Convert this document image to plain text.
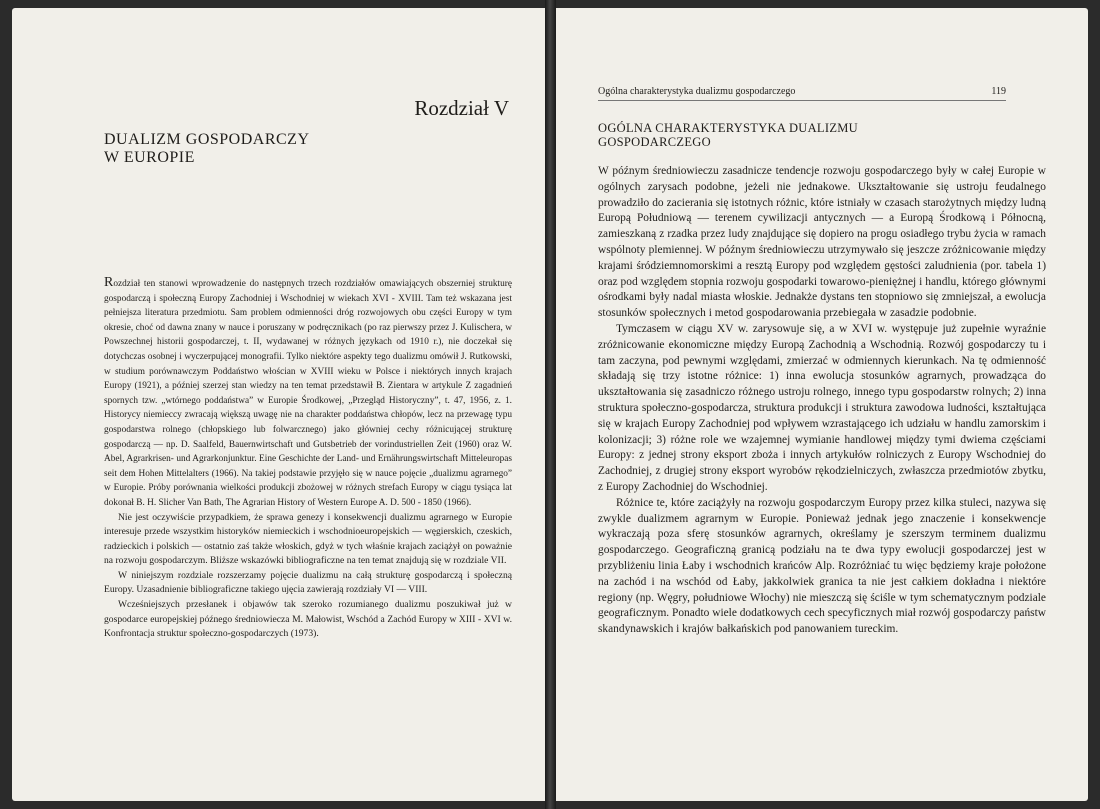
Rozdział V
DUALIZM GOSPODARCZY
W EUROPIE

Rozdział ten stanowi wprowadzenie do następnych trzech rozdziałów omawiających obszerniej strukturę gospodarczą i społeczną Europy Zachodniej i Wschodniej w wiekach XVI - XVIII. Tam też wskazana jest pełniejsza literatura przedmiotu. Sam problem odmienności dróg rozwojowych obu części Europy w tym okresie, choć od dawna znany w nauce i poruszany w podręcznikach (po raz pierwszy przez J. Kulischera, w Powszechnej historii gospodarczej, t. II, wydawanej w różnych językach od 1910 r.), nie doczekał się dotychczas osobnej i wyczerpującej monografii. Tylko niektóre aspekty tego dualizmu omówił J. Rutkowski, w studium porównawczym Poddaństwo włościan w XVIII wieku w Polsce i niektórych innych krajach Europy (1921), a później szerzej stan wiedzy na ten temat przedstawił B. Zientara w artykule Z zagadnień spornych tzw. „wtórnego poddaństwa” w Europie Środkowej, „Przegląd Historyczny”, t. 47, 1956, z. 1. Historycy niemieccy zwracają większą uwagę nie na charakter poddaństwa chłopów, lecz na przewagę typu gospodarstwa rolnego (chłopskiego lub folwarcznego) jako główniej cechy różnicującej strukturę gospodarczą — np. D. Saalfeld, Bauernwirtschaft und Gutsbetrieb der vorindustriellen Zeit (1960) oraz W. Abel, Agrarkrisen- und Agrarkonjunktur. Eine Geschichte der Land- und Ernährungswirtschaft Mitteleuropas seit dem Hohen Mittelalters (1966). Na takiej podstawie przyjęło się w nauce pojęcie „dualizmu agrarnego” w Europie. Próby porównania wielkości produkcji zbożowej w różnych strefach Europy w ciągu tysiąca lat dokonał B. H. Slicher Van Bath, The Agrarian History of Western Europe A. D. 500 - 1850 (1966).

Nie jest oczywiście przypadkiem, że sprawa genezy i konsekwencji dualizmu agrarnego w Europie interesuje przede wszystkim historyków niemieckich i wschodnioeuropejskich — węgierskich, czeskich, radzieckich i polskich — ostatnio zaś także włoskich, gdyż w tych właśnie krajach zaciążył on poważnie na rozwoju gospodarczym. Bliższe wskazówki bibliograficzne na ten temat znajdują się w rozdziale VII.

W niniejszym rozdziale rozszerzamy pojęcie dualizmu na całą strukturę gospodarczą i społeczną Europy. Uzasadnienie bibliograficzne takiego ujęcia zawierają rozdziały VI — VIII.

Wcześniejszych przesłanek i objawów tak szeroko rozumianego dualizmu poszukiwał już w gospodarce europejskiej późnego średniowiecza M. Małowist, Wschód a Zachód Europy w XIII - XVI w. Konfrontacja struktur społeczno-gospodarczych (1973).

Ogólna charakterystyka dualizmu gospodarczego	119
OGÓLNA CHARAKTERYSTYKA DUALIZMU
GOSPODARCZEGO

W późnym średniowieczu zasadnicze tendencje rozwoju gospodarczego były w całej Europie w ogólnych zarysach podobne, jeżeli nie jednakowe. Ukształtowanie się ustroju feudalnego prowadziło do zacierania się istotnych różnic, które istniały w czasach starożytnych między ludną Europą Południową — terenem cywilizacji antycznych — a Europą Środkową i Północną, zamieszkaną z rzadka przez ludy znajdujące się dopiero na progu osiadłego trybu życia w ramach wspólnoty plemiennej. W późnym średniowieczu utrzymywało się jeszcze zróżnicowanie między krajami śródziemnomorskimi a resztą Europy pod względem gęstości zaludnienia (por. tabela 1) oraz pod względem stopnia rozwoju gospodarki towarowo-pieniężnej i handlu, którego głównymi ośrodkami były nadal miasta włoskie. Jednakże dystans ten stopniowo się zmniejszał, a ewolucja stosunków społecznych i metod gospodarowania przebiegała w zasadzie podobnie.

Tymczasem w ciągu XV w. zarysowuje się, a w XVI w. występuje już zupełnie wyraźnie zróżnicowanie ekonomiczne między Europą Zachodnią a Wschodnią. Rozwój gospodarczy tu i tam zaczyna, pod pewnymi względami, zmierzać w odmiennych kierunkach. Na tę odmienność składają się trzy istotne różnice: 1) inna ewolucja stosunków agrarnych, prowadząca do ukształtowania się zasadniczo różnego ustroju rolnego, innego typu gospodarstw rolnych; 2) inna struktura społeczno-gospodarcza, struktura produkcji i struktura zawodowa ludności, kształtująca się w krajach Europy Zachodniej pod wpływem wzrastającego ich udziału w handlu zamorskim i kolonizacji; 3) różne role we wzajemnej wymianie handlowej między tymi dwiema częściami Europy: z jednej strony eksport zboża i innych artykułów rolniczych z Europy Wschodniej do Zachodniej, z drugiej strony eksport wyrobów rękodzielniczych, zwłaszcza przedmiotów zbytku, z Europy Zachodniej do Wschodniej.

Różnice te, które zaciążyły na rozwoju gospodarczym Europy przez kilka stuleci, nazywa się zwykle dualizmem agrarnym w Europie. Ponieważ jednak jego znaczenie i konsekwencje wykraczają poza sferę stosunków agrarnych, określamy je szerszym terminem dualizmu gospodarczego. Geograficzną granicą podziału na te dwa typy ewolucji gospodarczej jest w przybliżeniu linia Łaby i wschodnich krańców Alp. Rozróżniać tu więc będziemy kraje położone na zachód i na wschód od Łaby, jakkolwiek granica ta nie jest całkiem dokładna i niektóre regiony (np. Węgry, południowe Włochy) nie mieszczą się ściśle w tym schematycznym podziale geograficznym. Ponadto wiele dodatkowych cech specyficznych miał rozwój gospodarczy państw skandynawskich i krajów bałkańskich pod panowaniem tureckim.
